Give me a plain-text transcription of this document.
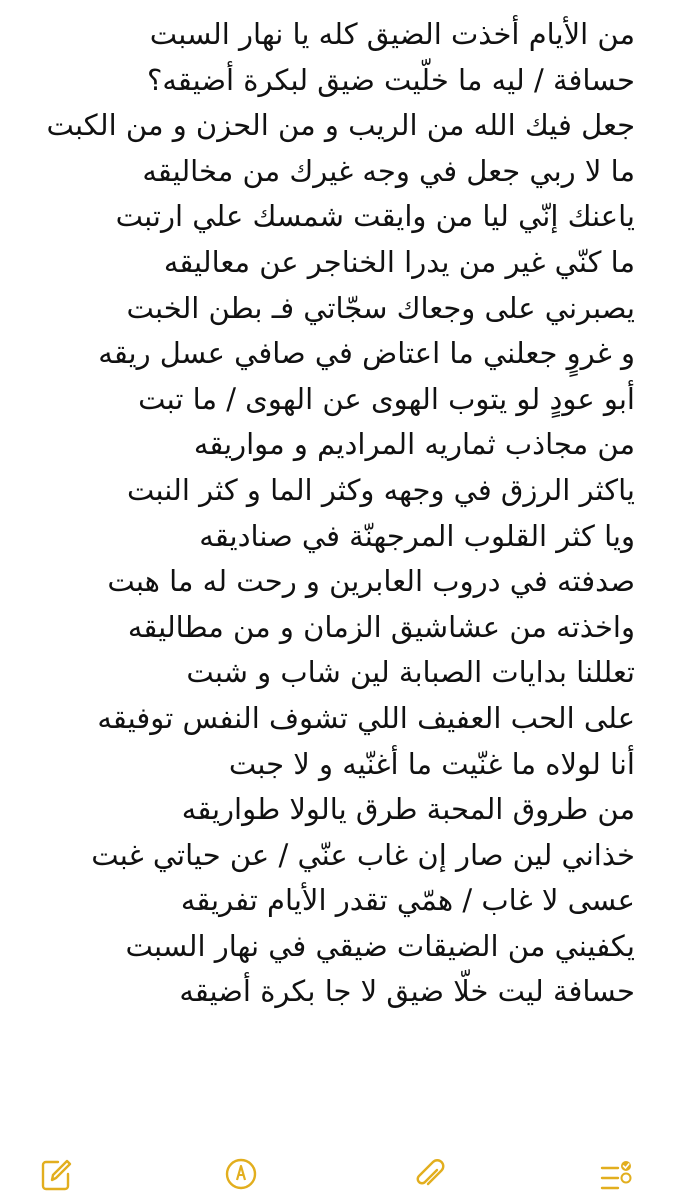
من الأيام أخذت الضيق كله يا نهار السبت
حسافة / ليه ما خلّيت ضيق لبكرة أضيقه؟
جعل فيك الله من الريب و من الحزن و من الكبت
ما لا ربي جعل في وجه غيرك من مخاليقه
ياعنك إنّي ليا من وايقت شمسك علي ارتبت
ما كنّي غير من يدرا الخناجر عن معاليقه
يصبرني على وجعاك سجّاتي فـ بطن الخبت
و غروٍ جعلني ما اعتاض في صافي عسل ريقه
أبو عودٍ لو يتوب الهوى عن الهوى / ما تبت
من مجاذب ثماريه المراديم و مواريقه
ياكثر الرزق في وجهه وكثر الما و كثر النبت
ويا كثر القلوب المرجهنّة في صناديقه
صدفته في دروب العابرين و رحت له ما هبت
واخذته من عشاشيق الزمان و من مطاليقه
تعللنا بدايات الصبابة لين شاب و شبت
على الحب العفيف اللي تشوف النفس توفيقه
أنا لولاه ما غنّيت ما أغنّيه و لا جبت
من طروق المحبة طرق يالولا طواريقه
خذاني لين صار إن غاب عنّي / عن حياتي غبت
عسى لا غاب / همّي تقدر الأيام تفريقه
يكفيني من الضيقات ضيقي في نهار السبت
حسافة ليت خلّا ضيق لا جا بكرة أضيقه
